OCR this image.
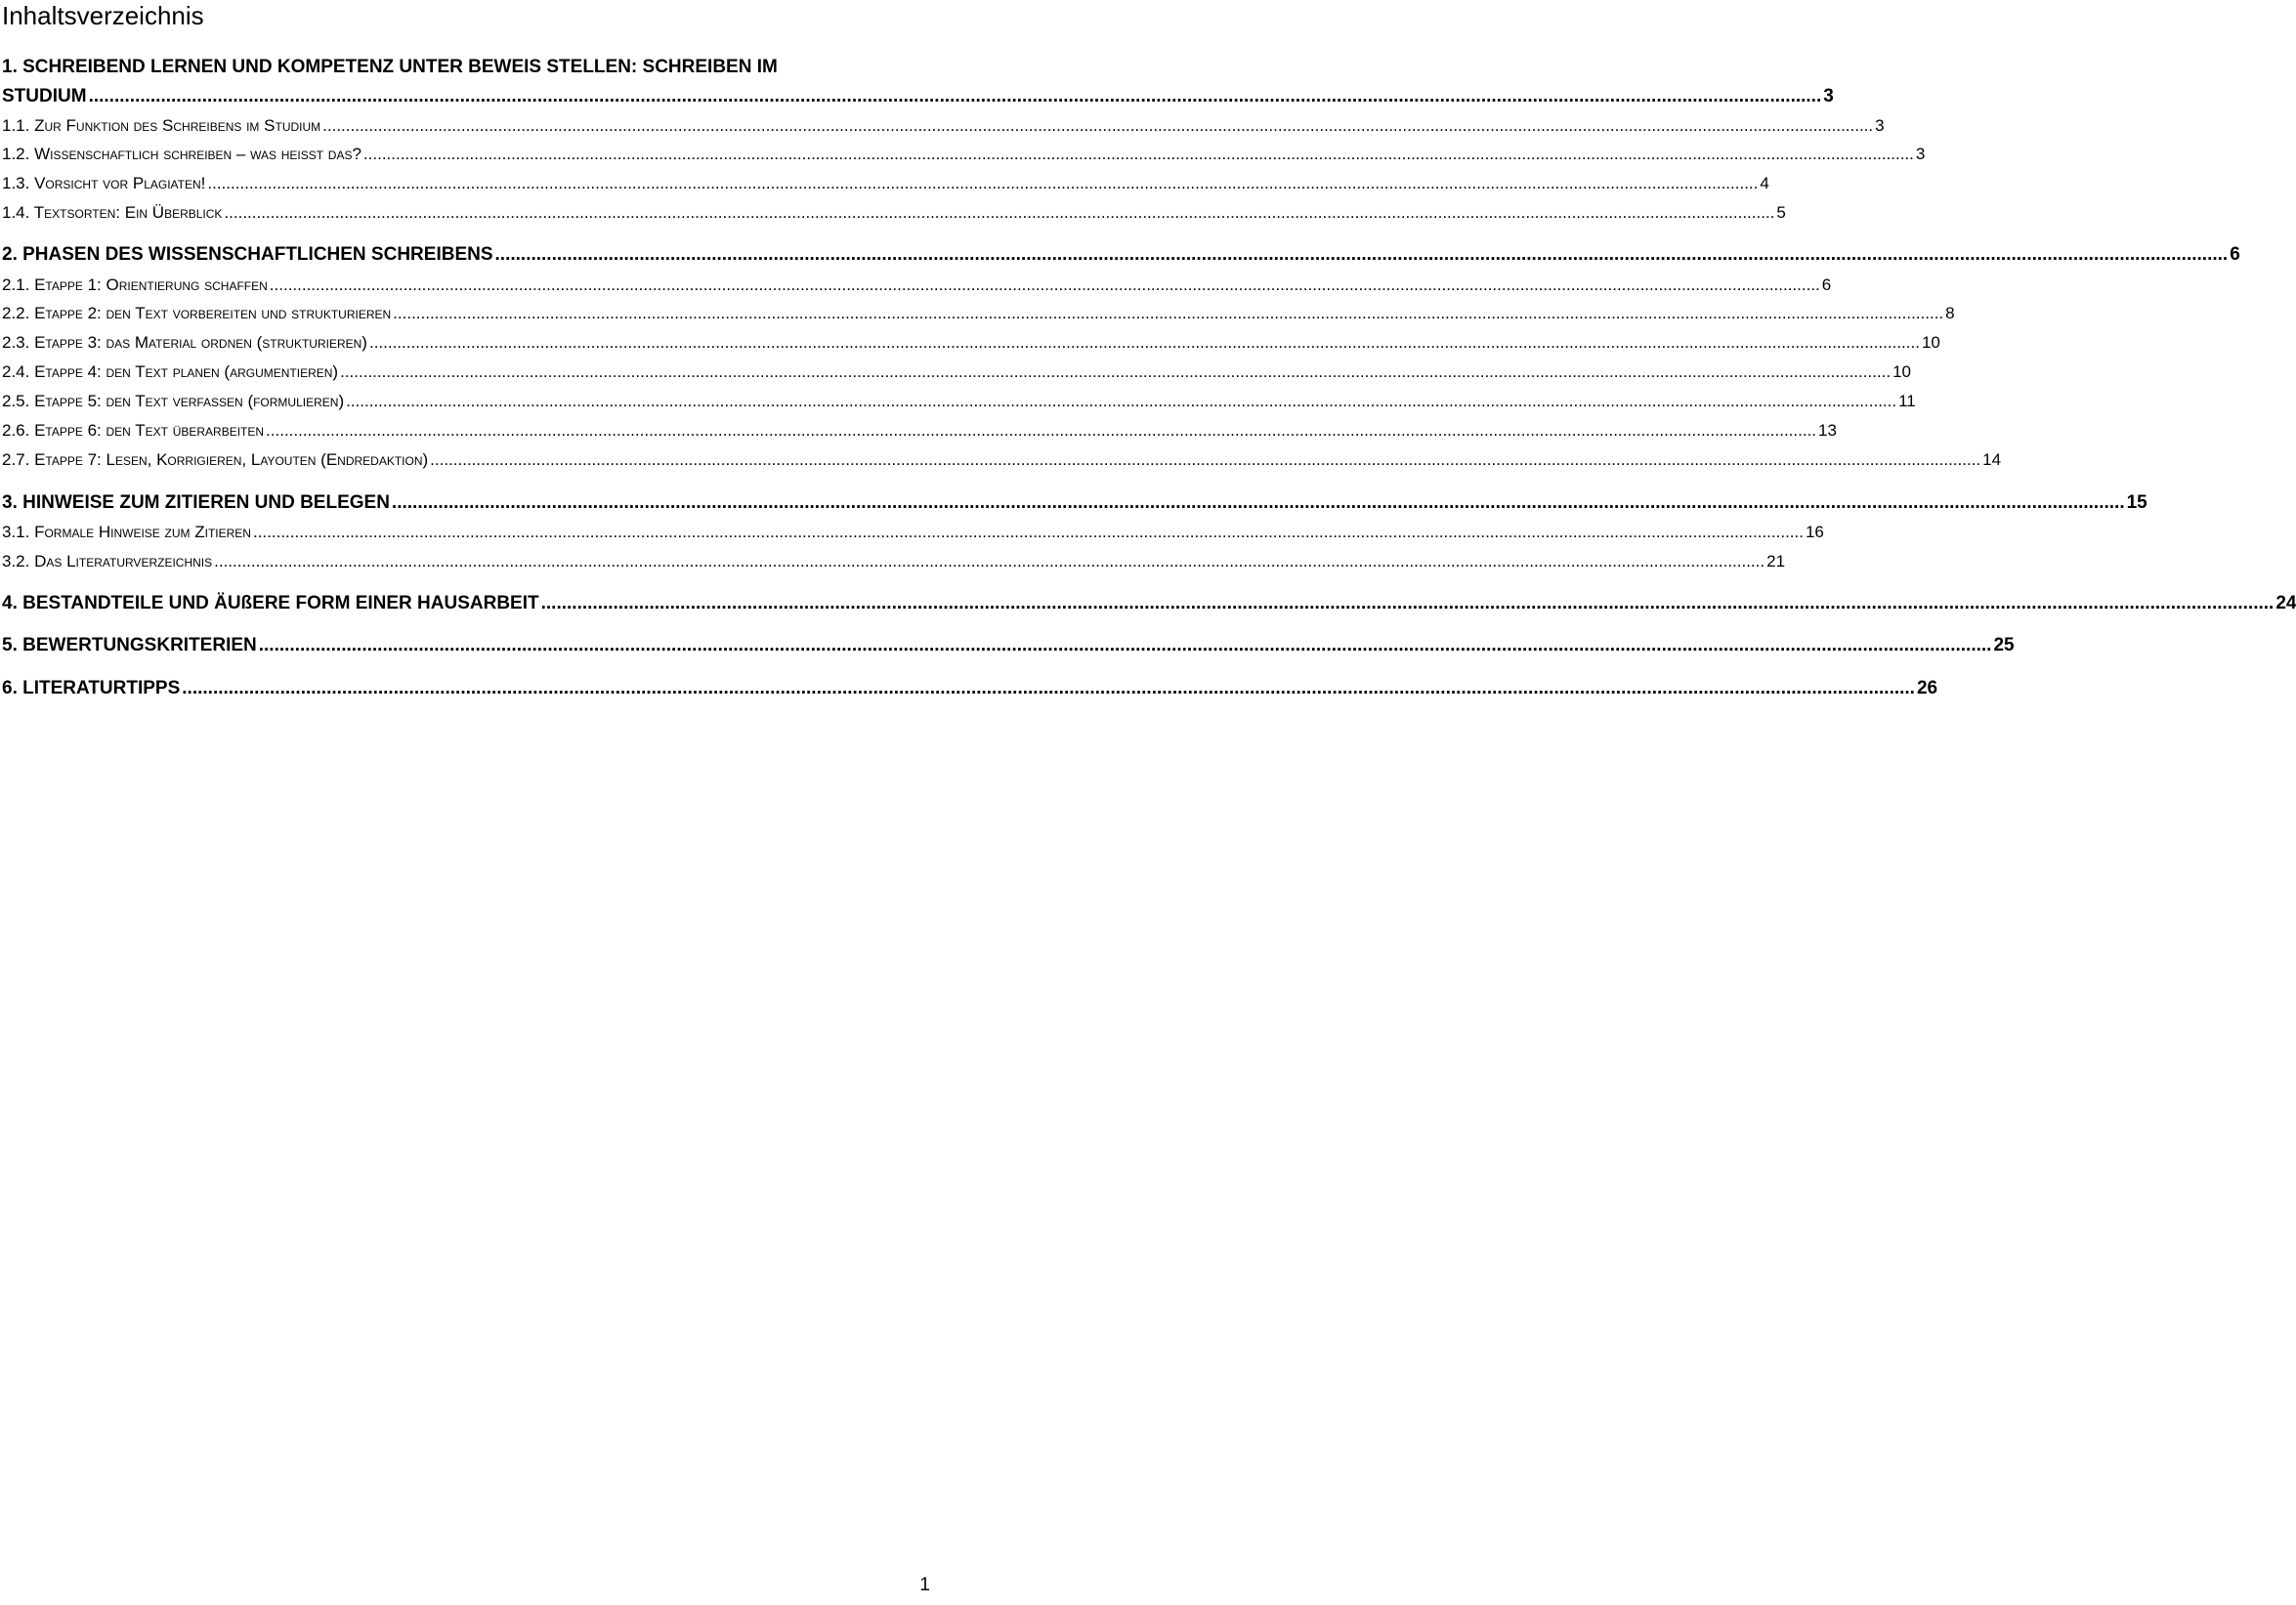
Inhaltsverzeichnis
1. SCHREIBEND LERNEN UND KOMPETENZ UNTER BEWEIS STELLEN: SCHREIBEN IM
STUDIUM .....	3
1.1. Zur Funktion des Schreibens im Studium .....	3
1.2. Wissenschaftlich schreiben – was heißt das? .....	3
1.3. Vorsicht vor Plagiaten! .....	4
1.4. Textsorten: Ein Überblick .....	5
2. PHASEN DES WISSENSCHAFTLICHEN SCHREIBENS .....	6
2.1. Etappe 1: Orientierung schaffen .....	6
2.2. Etappe 2: den Text vorbereiten und strukturieren .....	8
2.3. Etappe 3: das Material ordnen (strukturieren) .....	10
2.4. Etappe 4: den Text planen (argumentieren) .....	10
2.5. Etappe 5: den Text verfassen (formulieren) .....	11
2.6. Etappe 6: den Text überarbeiten .....	13
2.7. Etappe 7: Lesen, Korrigieren, Layouten (Endredaktion) .....	14
3. HINWEISE ZUM ZITIEREN UND BELEGEN .....	15
3.1. Formale Hinweise zum Zitieren .....	16
3.2. Das Literaturverzeichnis .....	21
4. BESTANDTEILE UND ÄUßERE FORM EINER HAUSARBEIT .....	24
5. BEWERTUNGSKRITERIEN .....	25
6. LITERATURTIPPS .....	26
1
